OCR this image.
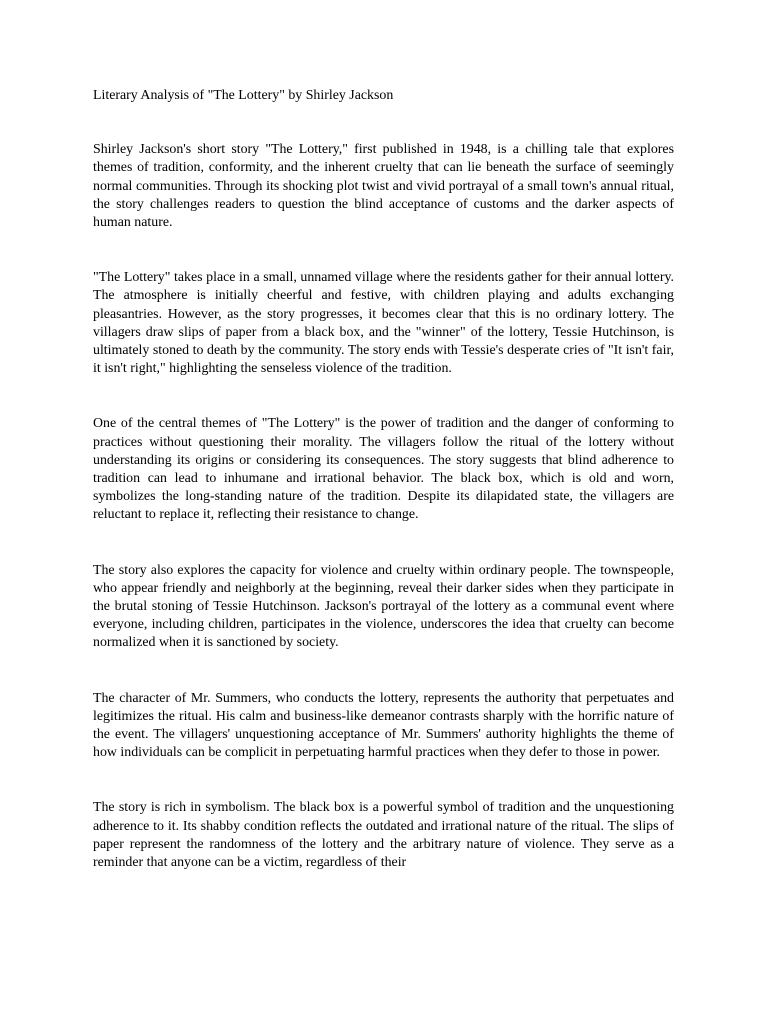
Literary Analysis of "The Lottery" by Shirley Jackson

Shirley Jackson's short story "The Lottery," first published in 1948, is a chilling tale that explores themes of tradition, conformity, and the inherent cruelty that can lie beneath the surface of seemingly normal communities. Through its shocking plot twist and vivid portrayal of a small town's annual ritual, the story challenges readers to question the blind acceptance of customs and the darker aspects of human nature.

"The Lottery" takes place in a small, unnamed village where the residents gather for their annual lottery. The atmosphere is initially cheerful and festive, with children playing and adults exchanging pleasantries. However, as the story progresses, it becomes clear that this is no ordinary lottery. The villagers draw slips of paper from a black box, and the "winner" of the lottery, Tessie Hutchinson, is ultimately stoned to death by the community. The story ends with Tessie's desperate cries of "It isn't fair, it isn't right," highlighting the senseless violence of the tradition.

One of the central themes of "The Lottery" is the power of tradition and the danger of conforming to practices without questioning their morality. The villagers follow the ritual of the lottery without understanding its origins or considering its consequences. The story suggests that blind adherence to tradition can lead to inhumane and irrational behavior. The black box, which is old and worn, symbolizes the long-standing nature of the tradition. Despite its dilapidated state, the villagers are reluctant to replace it, reflecting their resistance to change.

The story also explores the capacity for violence and cruelty within ordinary people. The townspeople, who appear friendly and neighborly at the beginning, reveal their darker sides when they participate in the brutal stoning of Tessie Hutchinson. Jackson's portrayal of the lottery as a communal event where everyone, including children, participates in the violence, underscores the idea that cruelty can become normalized when it is sanctioned by society.

The character of Mr. Summers, who conducts the lottery, represents the authority that perpetuates and legitimizes the ritual. His calm and business-like demeanor contrasts sharply with the horrific nature of the event. The villagers' unquestioning acceptance of Mr. Summers' authority highlights the theme of how individuals can be complicit in perpetuating harmful practices when they defer to those in power.

The story is rich in symbolism. The black box is a powerful symbol of tradition and the unquestioning adherence to it. Its shabby condition reflects the outdated and irrational nature of the ritual. The slips of paper represent the randomness of the lottery and the arbitrary nature of violence. They serve as a reminder that anyone can be a victim, regardless of their
